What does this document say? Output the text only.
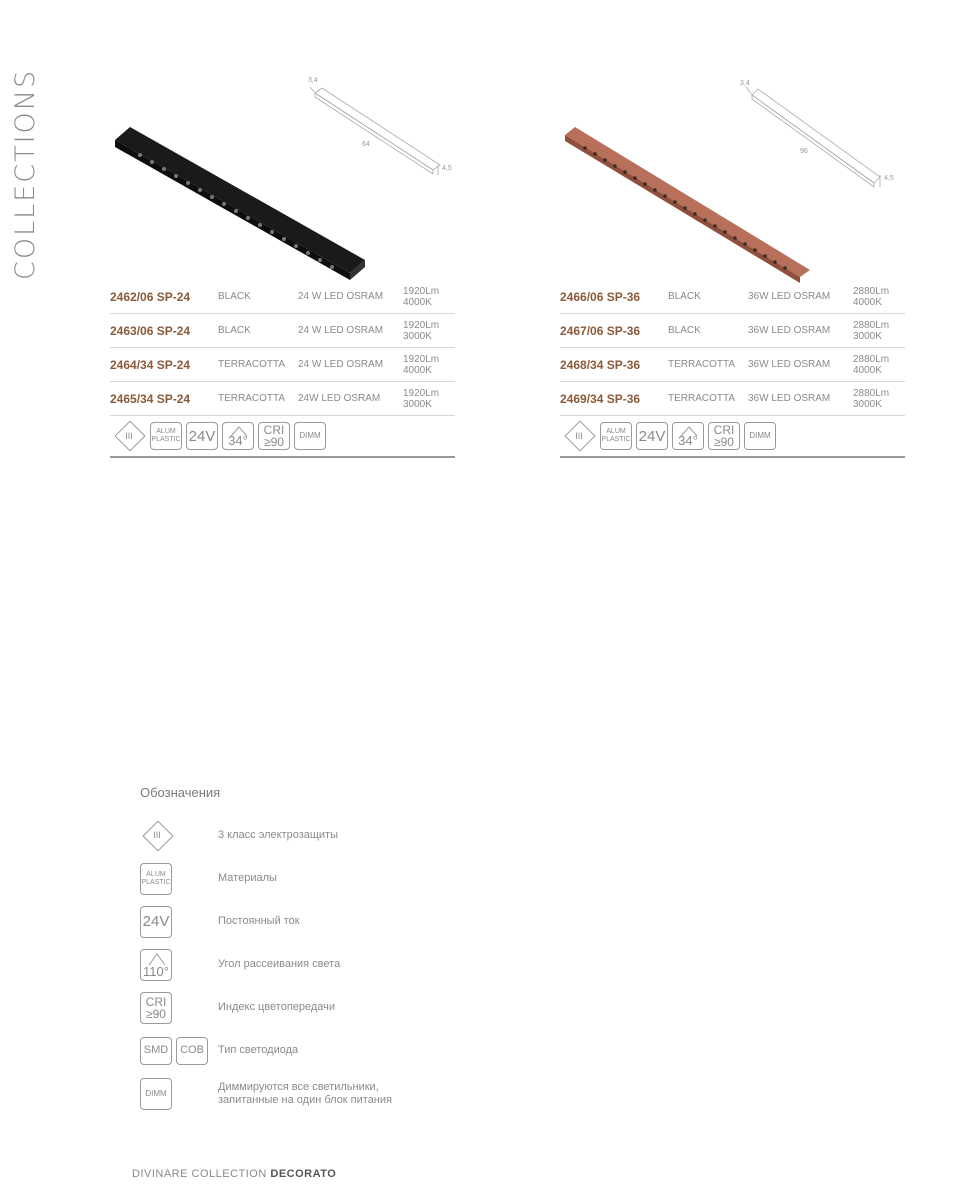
COLLECTIONS	3,4
64
4,5
2462/06 SP-24	BLACK	24 W LED OSRAM	1920Lm
4000K
2463/06 SP-24	BLACK	24 W LED OSRAM	1920Lm
3000K
2464/34 SP-24	TERRACOTTA	24 W LED OSRAM	1920Lm
4000K
2465/34 SP-24	TERRACOTTA	24W LED OSRAM	1920Lm
3000K
III	ALUM
PLASTIC 24V 34°
CRI
≥90	DIMM
3,4
96
4,5
2466/06 SP-36	BLACK	36W LED OSRAM	2880Lm
4000K
2467/06 SP-36	BLACK	36W LED OSRAM	2880Lm
3000K
2468/34 SP-36	TERRACOTTA	36W LED OSRAM	2880Lm
4000K
2469/34 SP-36	TERRACOTTA	36W LED OSRAM	2880Lm
3000K
III	ALUM
PLASTIC 24V 34°
CRI
≥90	DIMM
Обозначения
III	3 класс электрозащиты
ALUM
PLASTIC	Материалы
24V	Постоянный ток
110°	Угол рассеивания света
CRI
≥90	Индекс цветопередачи
SMD	COB	Тип светодиода
DIMM
Диммируются все светильники,
запитанные на один блок питания
DIVINARE COLLECTION DECORATO
